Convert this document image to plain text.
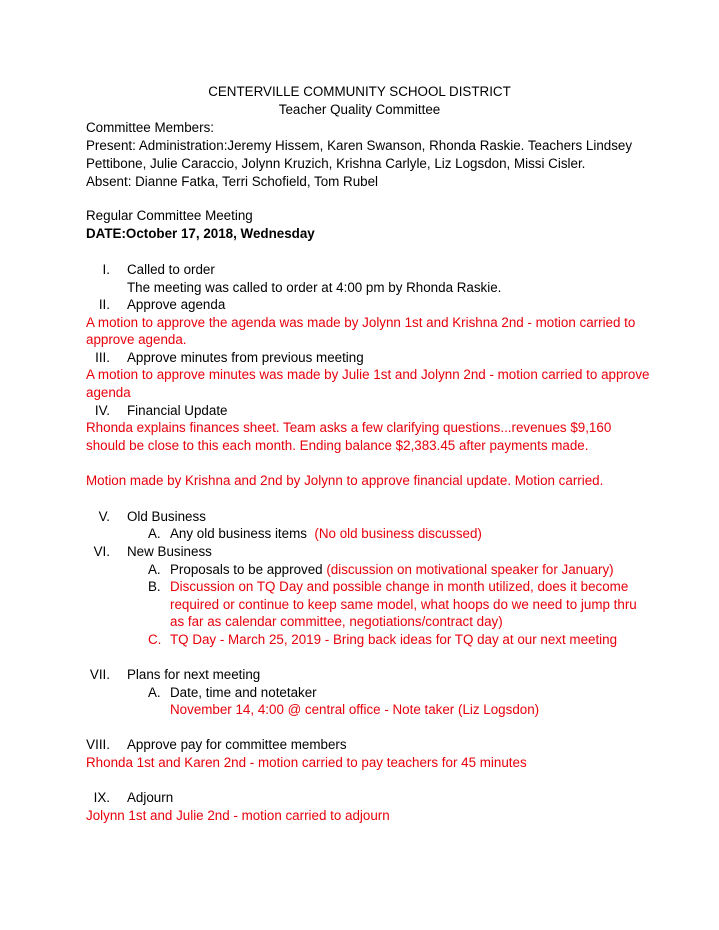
CENTERVILLE COMMUNITY SCHOOL DISTRICT
Teacher Quality Committee
Committee Members:
Present: Administration:Jeremy Hissem, Karen Swanson, Rhonda Raskie. Teachers Lindsey
Pettibone, Julie Caraccio, Jolynn Kruzich, Krishna Carlyle, Liz Logsdon, Missi Cisler.
Absent: Dianne Fatka, Terri Schofield, Tom Rubel
Regular Committee Meeting
DATE:October 17, 2018, Wednesday
I. Called to order
The meeting was called to order at 4:00 pm by Rhonda Raskie.
II. Approve agenda
A motion to approve the agenda was made by Jolynn 1st and Krishna 2nd - motion carried to
approve agenda.
III. Approve minutes from previous meeting
A motion to approve minutes was made by Julie 1st and Jolynn 2nd - motion carried to approve
agenda
IV. Financial Update
Rhonda explains finances sheet. Team asks a few clarifying questions...revenues $9,160
should be close to this each month. Ending balance $2,383.45 after payments made.
Motion made by Krishna and 2nd by Jolynn to approve financial update. Motion carried.
V. Old Business
A. Any old business items (No old business discussed)
VI. New Business
A. Proposals to be approved (discussion on motivational speaker for January)
B. Discussion on TQ Day and possible change in month utilized, does it become
required or continue to keep same model, what hoops do we need to jump thru
as far as calendar committee, negotiations/contract day)
C. TQ Day - March 25, 2019 - Bring back ideas for TQ day at our next meeting
VII. Plans for next meeting
A. Date, time and notetaker
November 14, 4:00 @ central office - Note taker (Liz Logsdon)
VIII. Approve pay for committee members
Rhonda 1st and Karen 2nd - motion carried to pay teachers for 45 minutes
IX. Adjourn
Jolynn 1st and Julie 2nd - motion carried to adjourn
